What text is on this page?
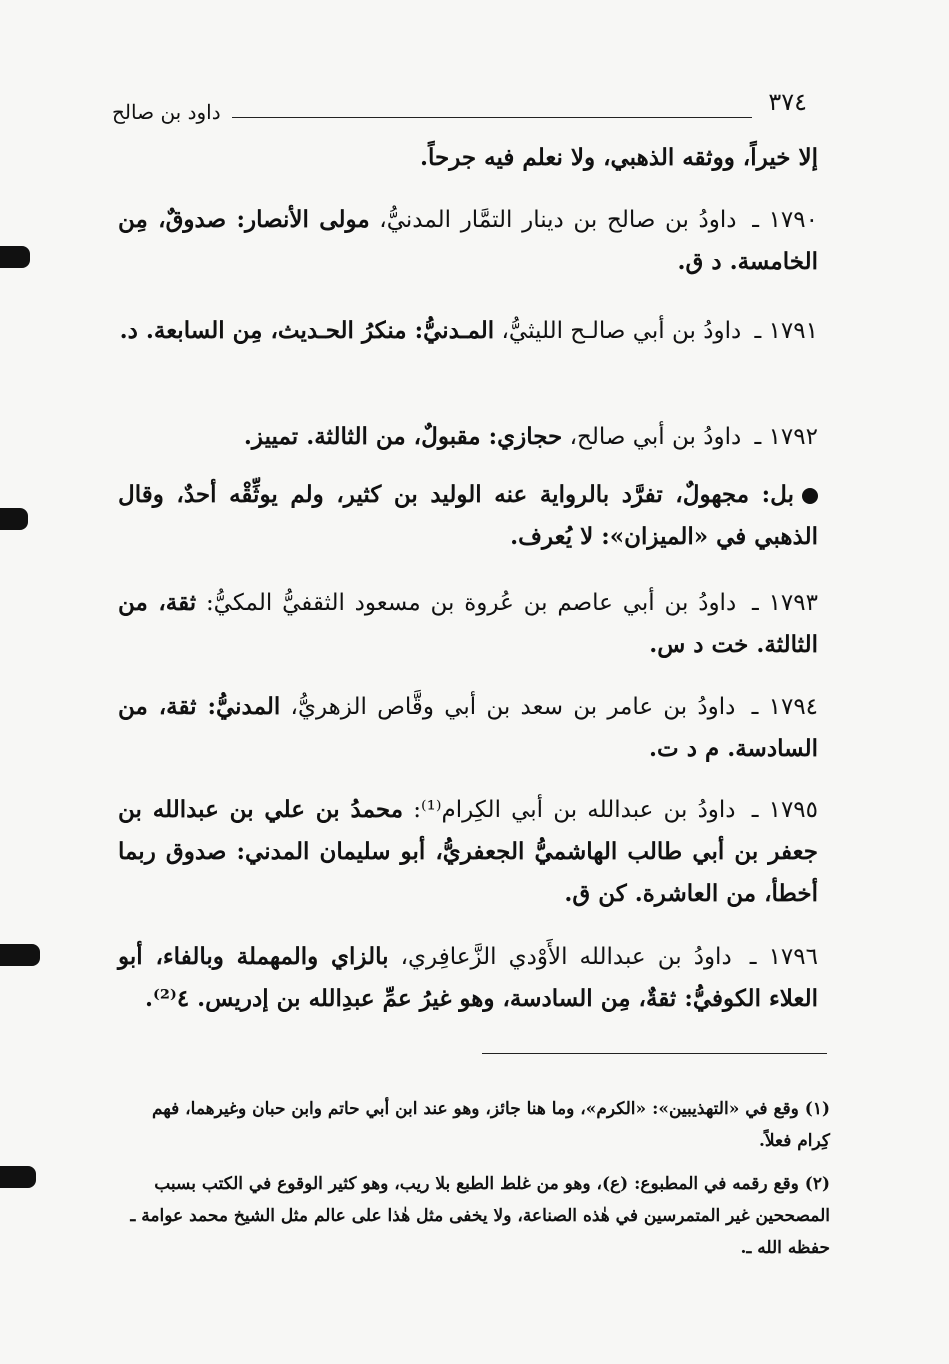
٣٧٤
داود بن صالح
إلا خيراً، ووثقه الذهبي، ولا نعلم فيه جرحاً.
١٧٩٠ ـ داودُ بن صالح بن دينار التمَّار المدنيُّ، مولى الأنصار: صدوقٌ، مِن الخامسة. د ق.
١٧٩١ ـ داودُ بن أبي صالـح الليثيُّ، المـدنيُّ: منكرُ الحـديث، مِن السابعة. د.
١٧٩٢ ـ داودُ بن أبي صالح، حجازي: مقبولٌ، من الثالثة. تمييز.
بل: مجهولٌ، تفرَّد بالرواية عنه الوليد بن كثير، ولم يوثِّقْه أحدٌ، وقال الذهبي في «الميزان»: لا يُعرف.
١٧٩٣ ـ داودُ بن أبي عاصم بن عُروة بن مسعود الثقفيُّ المكيُّ: ثقة، من الثالثة. خت د س.
١٧٩٤ ـ داودُ بن عامر بن سعد بن أبي وقَّاص الزهريُّ، المدنيُّ: ثقة، من السادسة. م د ت.
١٧٩٥ ـ داودُ بن عبدالله بن أبي الكِرام⁽¹⁾: محمدُ بن علي بن عبدالله بن جعفر بن أبي طالب الهاشميُّ الجعفريُّ، أبو سليمان المدني: صدوق ربما أخطأ، من العاشرة. كن ق.
١٧٩٦ ـ داودُ بن عبدالله الأَوْدي الزَّعافِري، بالزاي والمهملة وبالفاء، أبو العلاء الكوفيُّ: ثقةٌ، مِن السادسة، وهو غيرُ عمِّ عبدِالله بن إدريس. ٤⁽²⁾.
(١) وقع في «التهذيبين»: «الكرم»، وما هنا جائز، وهو عند ابن أبي حاتم وابن حبان وغيرهما، فهم كِرام فعلاً.
(٢) وقع رقمه في المطبوع: (ع)، وهو من غلط الطبع بلا ريب، وهو كثير الوقوع في الكتب بسبب المصححين غير المتمرسين في هٰذه الصناعة، ولا يخفى مثل هٰذا على عالم مثل الشيخ محمد عوامة ـ حفظه الله ـ.
